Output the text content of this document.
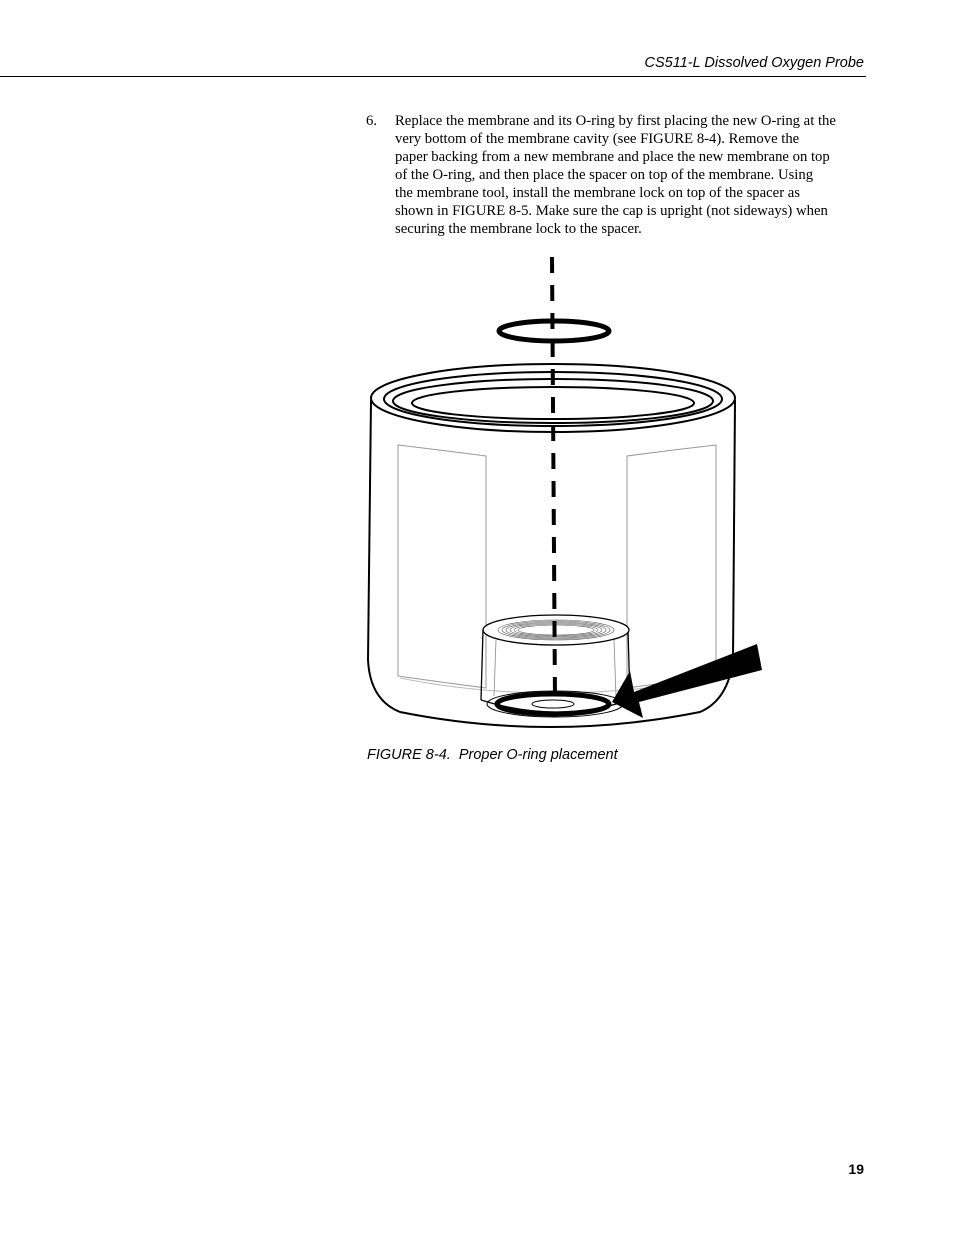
CS511-L Dissolved Oxygen Probe
6. Replace the membrane and its O-ring by first placing the new O-ring at the
very bottom of the membrane cavity (see FIGURE 8-4). Remove the
paper backing from a new membrane and place the new membrane on top
of the O-ring, and then place the spacer on top of the membrane. Using
the membrane tool, install the membrane lock on top of the spacer as
shown in FIGURE 8-5. Make sure the cap is upright (not sideways) when
securing the membrane lock to the spacer.
FIGURE 8-4.  Proper O-ring placement
19
